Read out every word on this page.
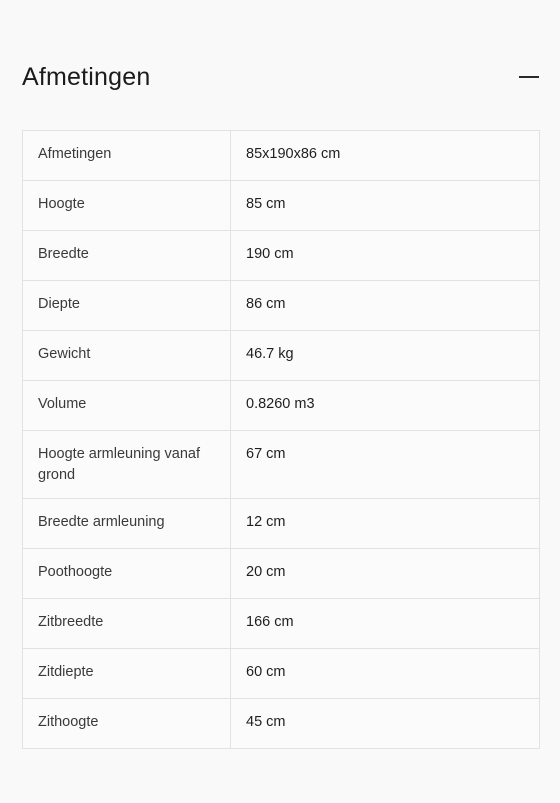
Afmetingen
Afmetingen	85x190x86 cm

Hoogte	85 cm

Breedte	190 cm

Diepte	86 cm

Gewicht	46.7 kg

Volume	0.8260 m3

Hoogte armleuning vanaf grond	67 cm

Breedte armleuning	12 cm

Poothoogte	20 cm

Zitbreedte	166 cm

Zitdiepte	60 cm

Zithoogte	45 cm
